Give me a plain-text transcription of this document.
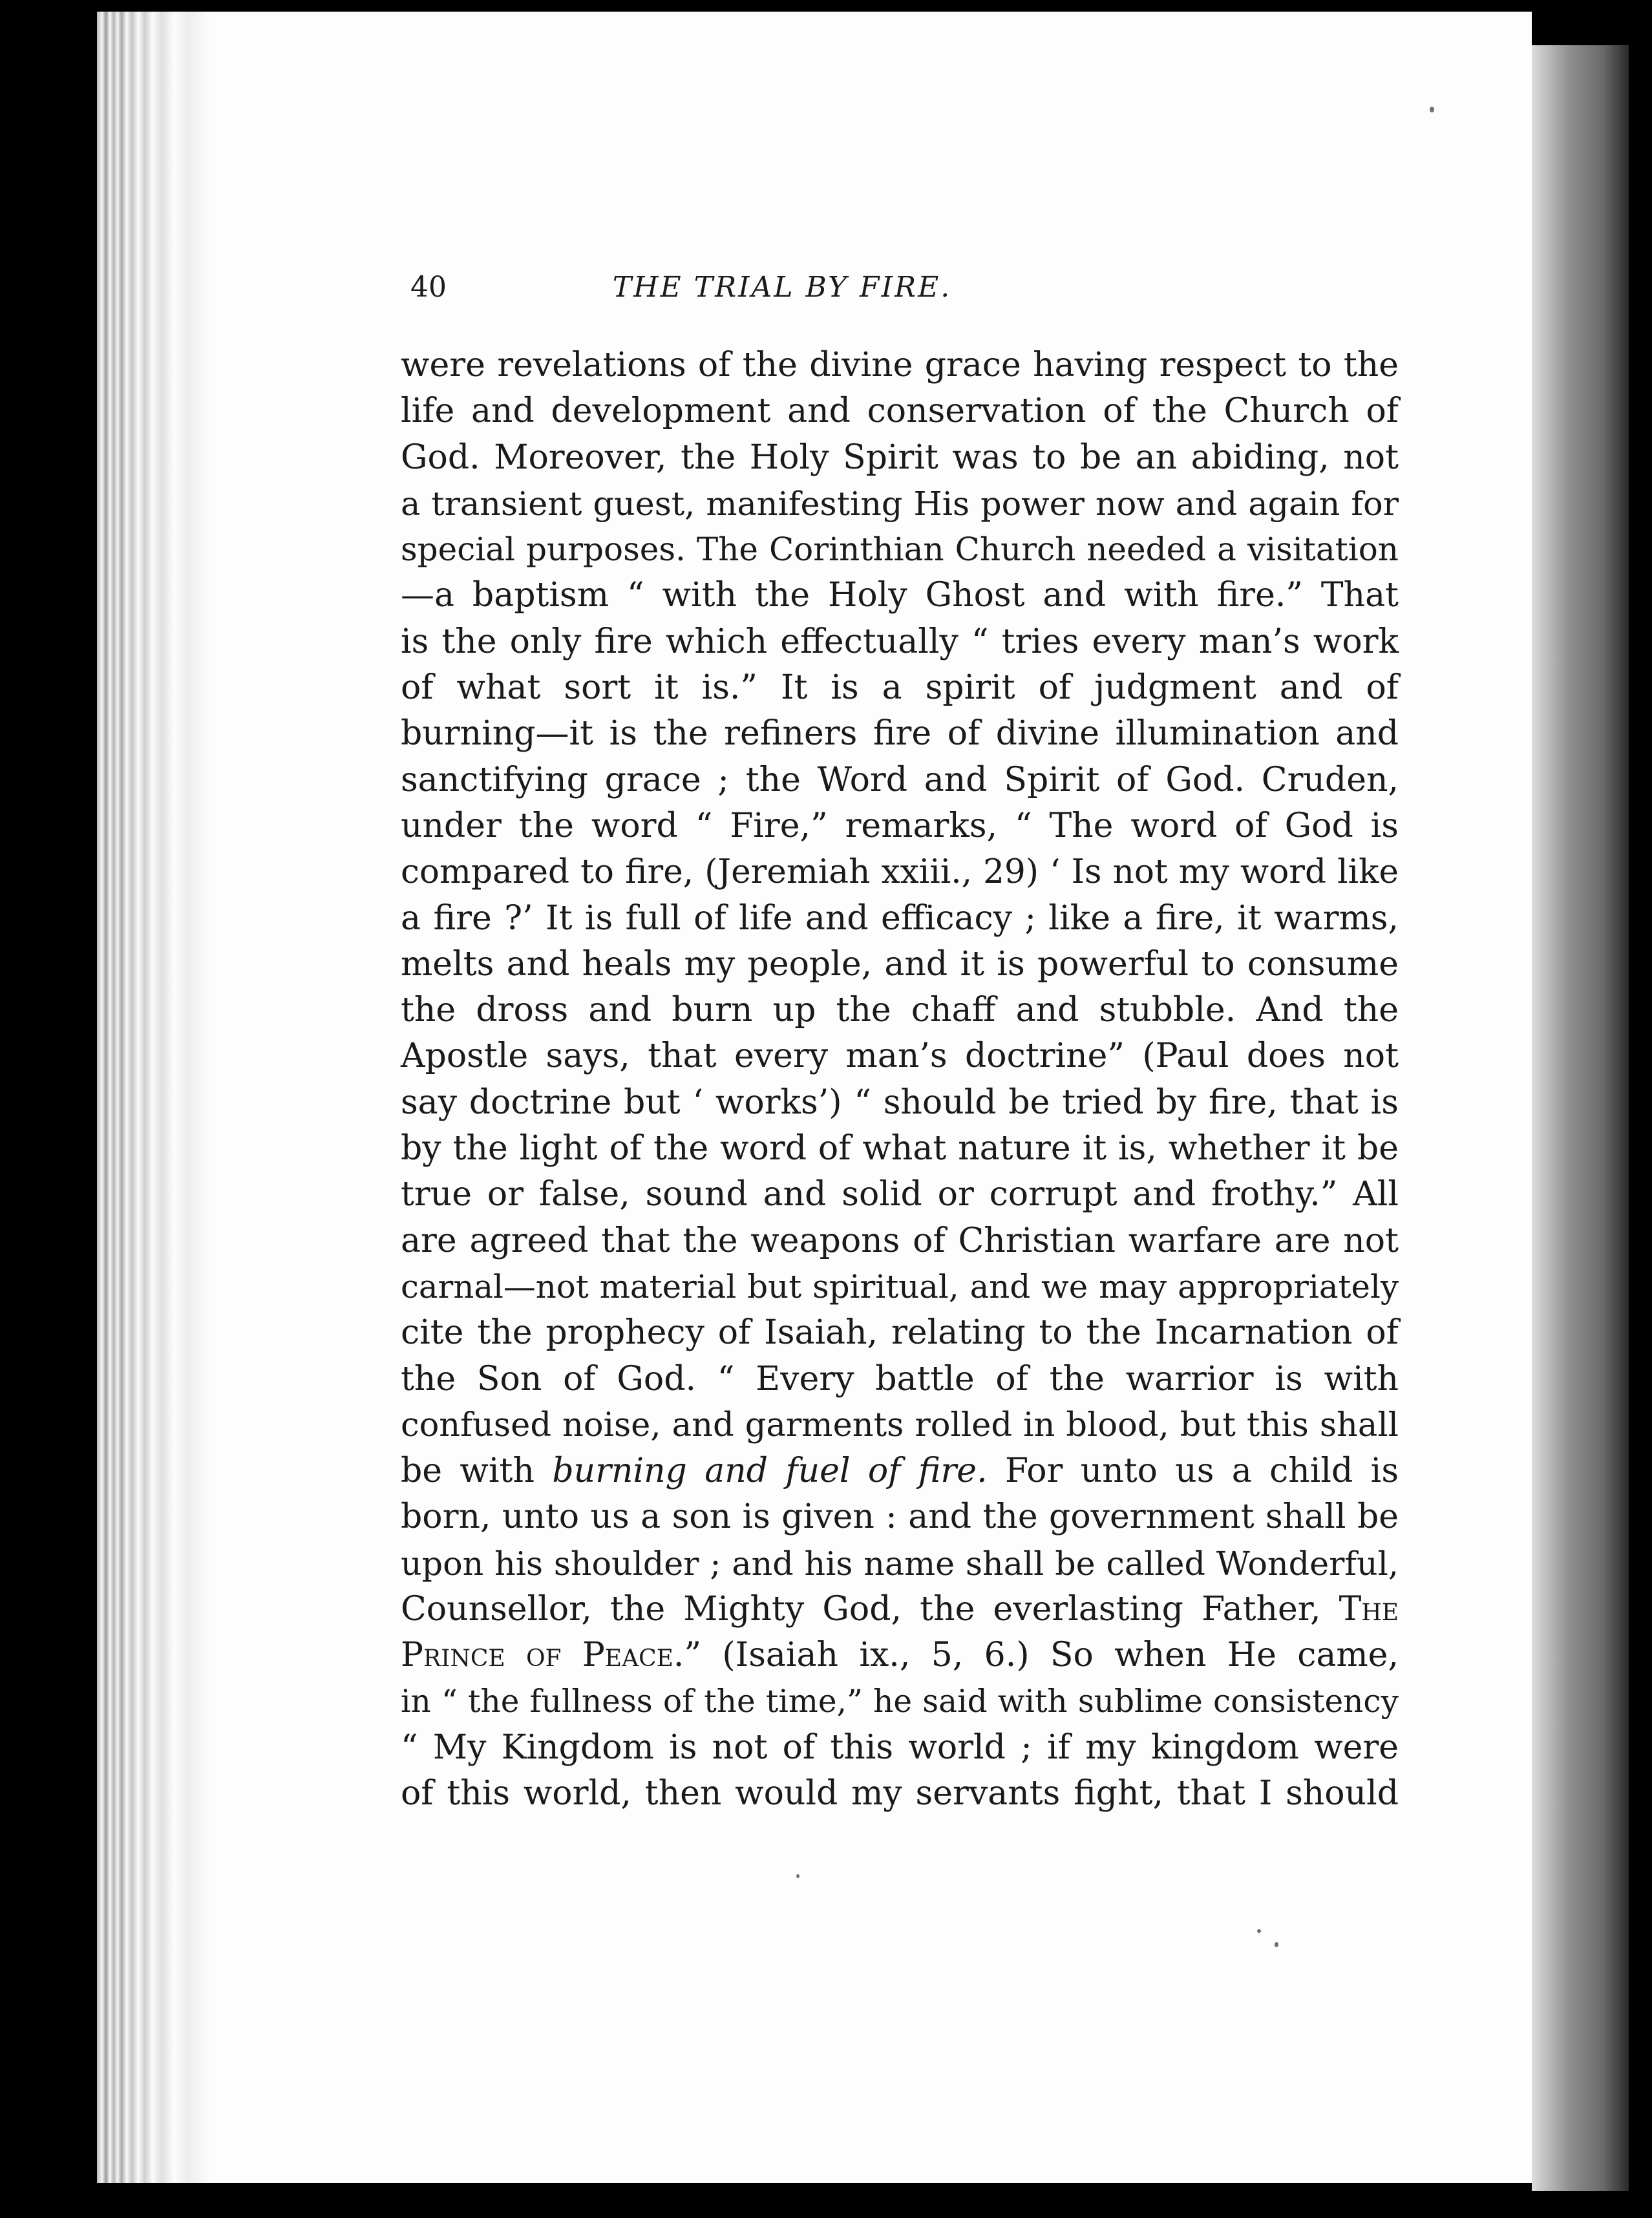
40	THE TRIAL BY FIRE.
were revelations of the divine grace having respect to the
life and development and conservation of the Church of
God. Moreover, the Holy Spirit was to be an abiding, not
a transient guest, manifesting His power now and again for
special purposes. The Corinthian Church needed a visitation
—a baptism “ with the Holy Ghost and with fire.” That
is the only fire which effectually “ tries every man’s work
of what sort it is.” It is a spirit of judgment and of
burning—it is the refiners fire of divine illumination and
sanctifying grace ; the Word and Spirit of God. Cruden,
under the word “ Fire,” remarks, “ The word of God is
compared to fire, (Jeremiah xxiii., 29) ‘ Is not my word like
a fire ?’ It is full of life and efficacy ; like a fire, it warms,
melts and heals my people, and it is powerful to consume
the dross and burn up the chaff and stubble. And the
Apostle says, that every man’s doctrine” (Paul does not
say doctrine but ‘ works’) “ should be tried by fire, that is
by the light of the word of what nature it is, whether it be
true or false, sound and solid or corrupt and frothy.” All
are agreed that the weapons of Christian warfare are not
carnal—not material but spiritual, and we may appropriately
cite the prophecy of Isaiah, relating to the Incarnation of
the Son of God. “ Every battle of the warrior is with
confused noise, and garments rolled in blood, but this shall
be with burning and fuel of fire. For unto us a child is
born, unto us a son is given : and the government shall be
upon his shoulder ; and his name shall be called Wonderful,
Counsellor, the Mighty God, the everlasting Father, The
Prince of Peace.” (Isaiah ix., 5, 6.) So when He came,
in “ the fullness of the time,” he said with sublime consistency
“ My Kingdom is not of this world ; if my kingdom were
of this world, then would my servants fight, that I should
